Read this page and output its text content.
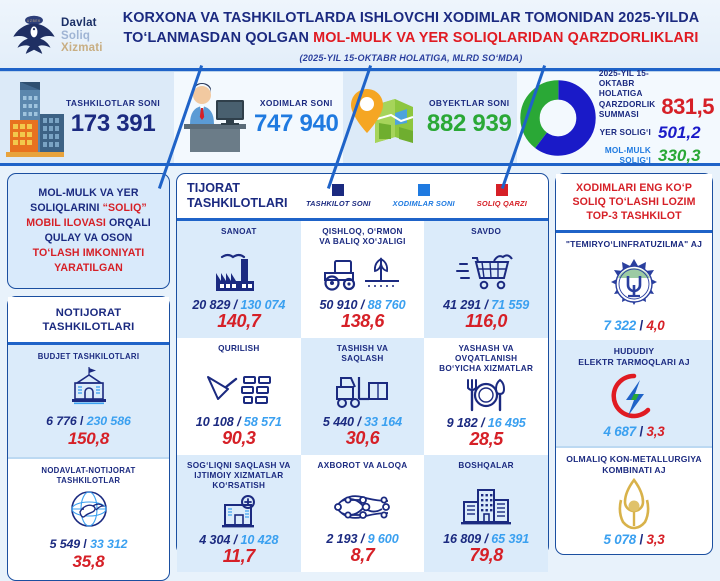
UZBEK Davlat
Soliq
Xizmati
KORXONA VA TASHKILOTLARDA ISHLOVCHI XODIMLAR TOMONIDAN 2025-YILDA
TO‘LANMASDAN QOLGAN MOL-MULK VA YER SOLIQLARIDAN QARZDORLIKLARI
(2025-YIL 15-OKTABR HOLATIGA, MLRD SO‘MDA)
TASHKILOTLAR SONI
173 391
XODIMLAR SONI
747 940
OBYEKTLAR SONI
882 939
2025-YIL 15-OKTABR HOLATIGA
QARZDORLIK SUMMASI	831,5
YER SOLIG‘I 501,2
MOL-MULK
SOLIG‘I 330,3

MOL-MULK VA YER
SOLIQLARINI “SOLIQ”
MOBIL ILOVASI ORQALI
QULAY VA OSON
TO‘LASH IMKONIYATI
YARATILGAN

NOTIJORAT
TASHKILOTLARI
BUDJET TASHKILOTLARI
6 776 / 230 586
150,8
NODAVLAT-NOTIJORAT
TASHKILOTLAR
5 549 / 33 312
35,8
TIJORAT
TASHKILOTLARI	TASHKILOT SONI	XODIMLAR SONI	SOLIQ QARZI
SANOAT
20 829 / 130 074
140,7
QISHLOQ, O‘RMON
VA BALIQ XO‘JALIGI
50 910 / 88 760
138,6
SAVDO
41 291 / 71 559
116,0
QURILISH
10 108 / 58 571
90,3
TASHISH VA
SAQLASH
5 440 / 33 164
30,6
YASHASH VA
OVQATLANISH
BO‘YICHA XIZMATLAR
9 182 / 16 495
28,5
SOG‘LIQNI SAQLASH VA
IJTIMOIY XIZMATLAR
KO‘RSATISH
4 304 / 10 428
11,7
AXBOROT VA ALOQA
2 193 / 9 600
8,7
BOSHQALAR
16 809 / 65 391
79,8
XODIMLARI ENG KO‘P
SOLIQ TO‘LASHI LOZIM
TOP-3 TASHKILOT
"TEMIRYO‘LINFRATUZILMA" AJ
7 322 / 4,0
HUDUDIY
ELEKTR TARMOQLARI AJ
4 687 / 3,3
OLMALIQ KON-METALLURGIYA
KOMBINATI AJ
5 078 / 3,3
